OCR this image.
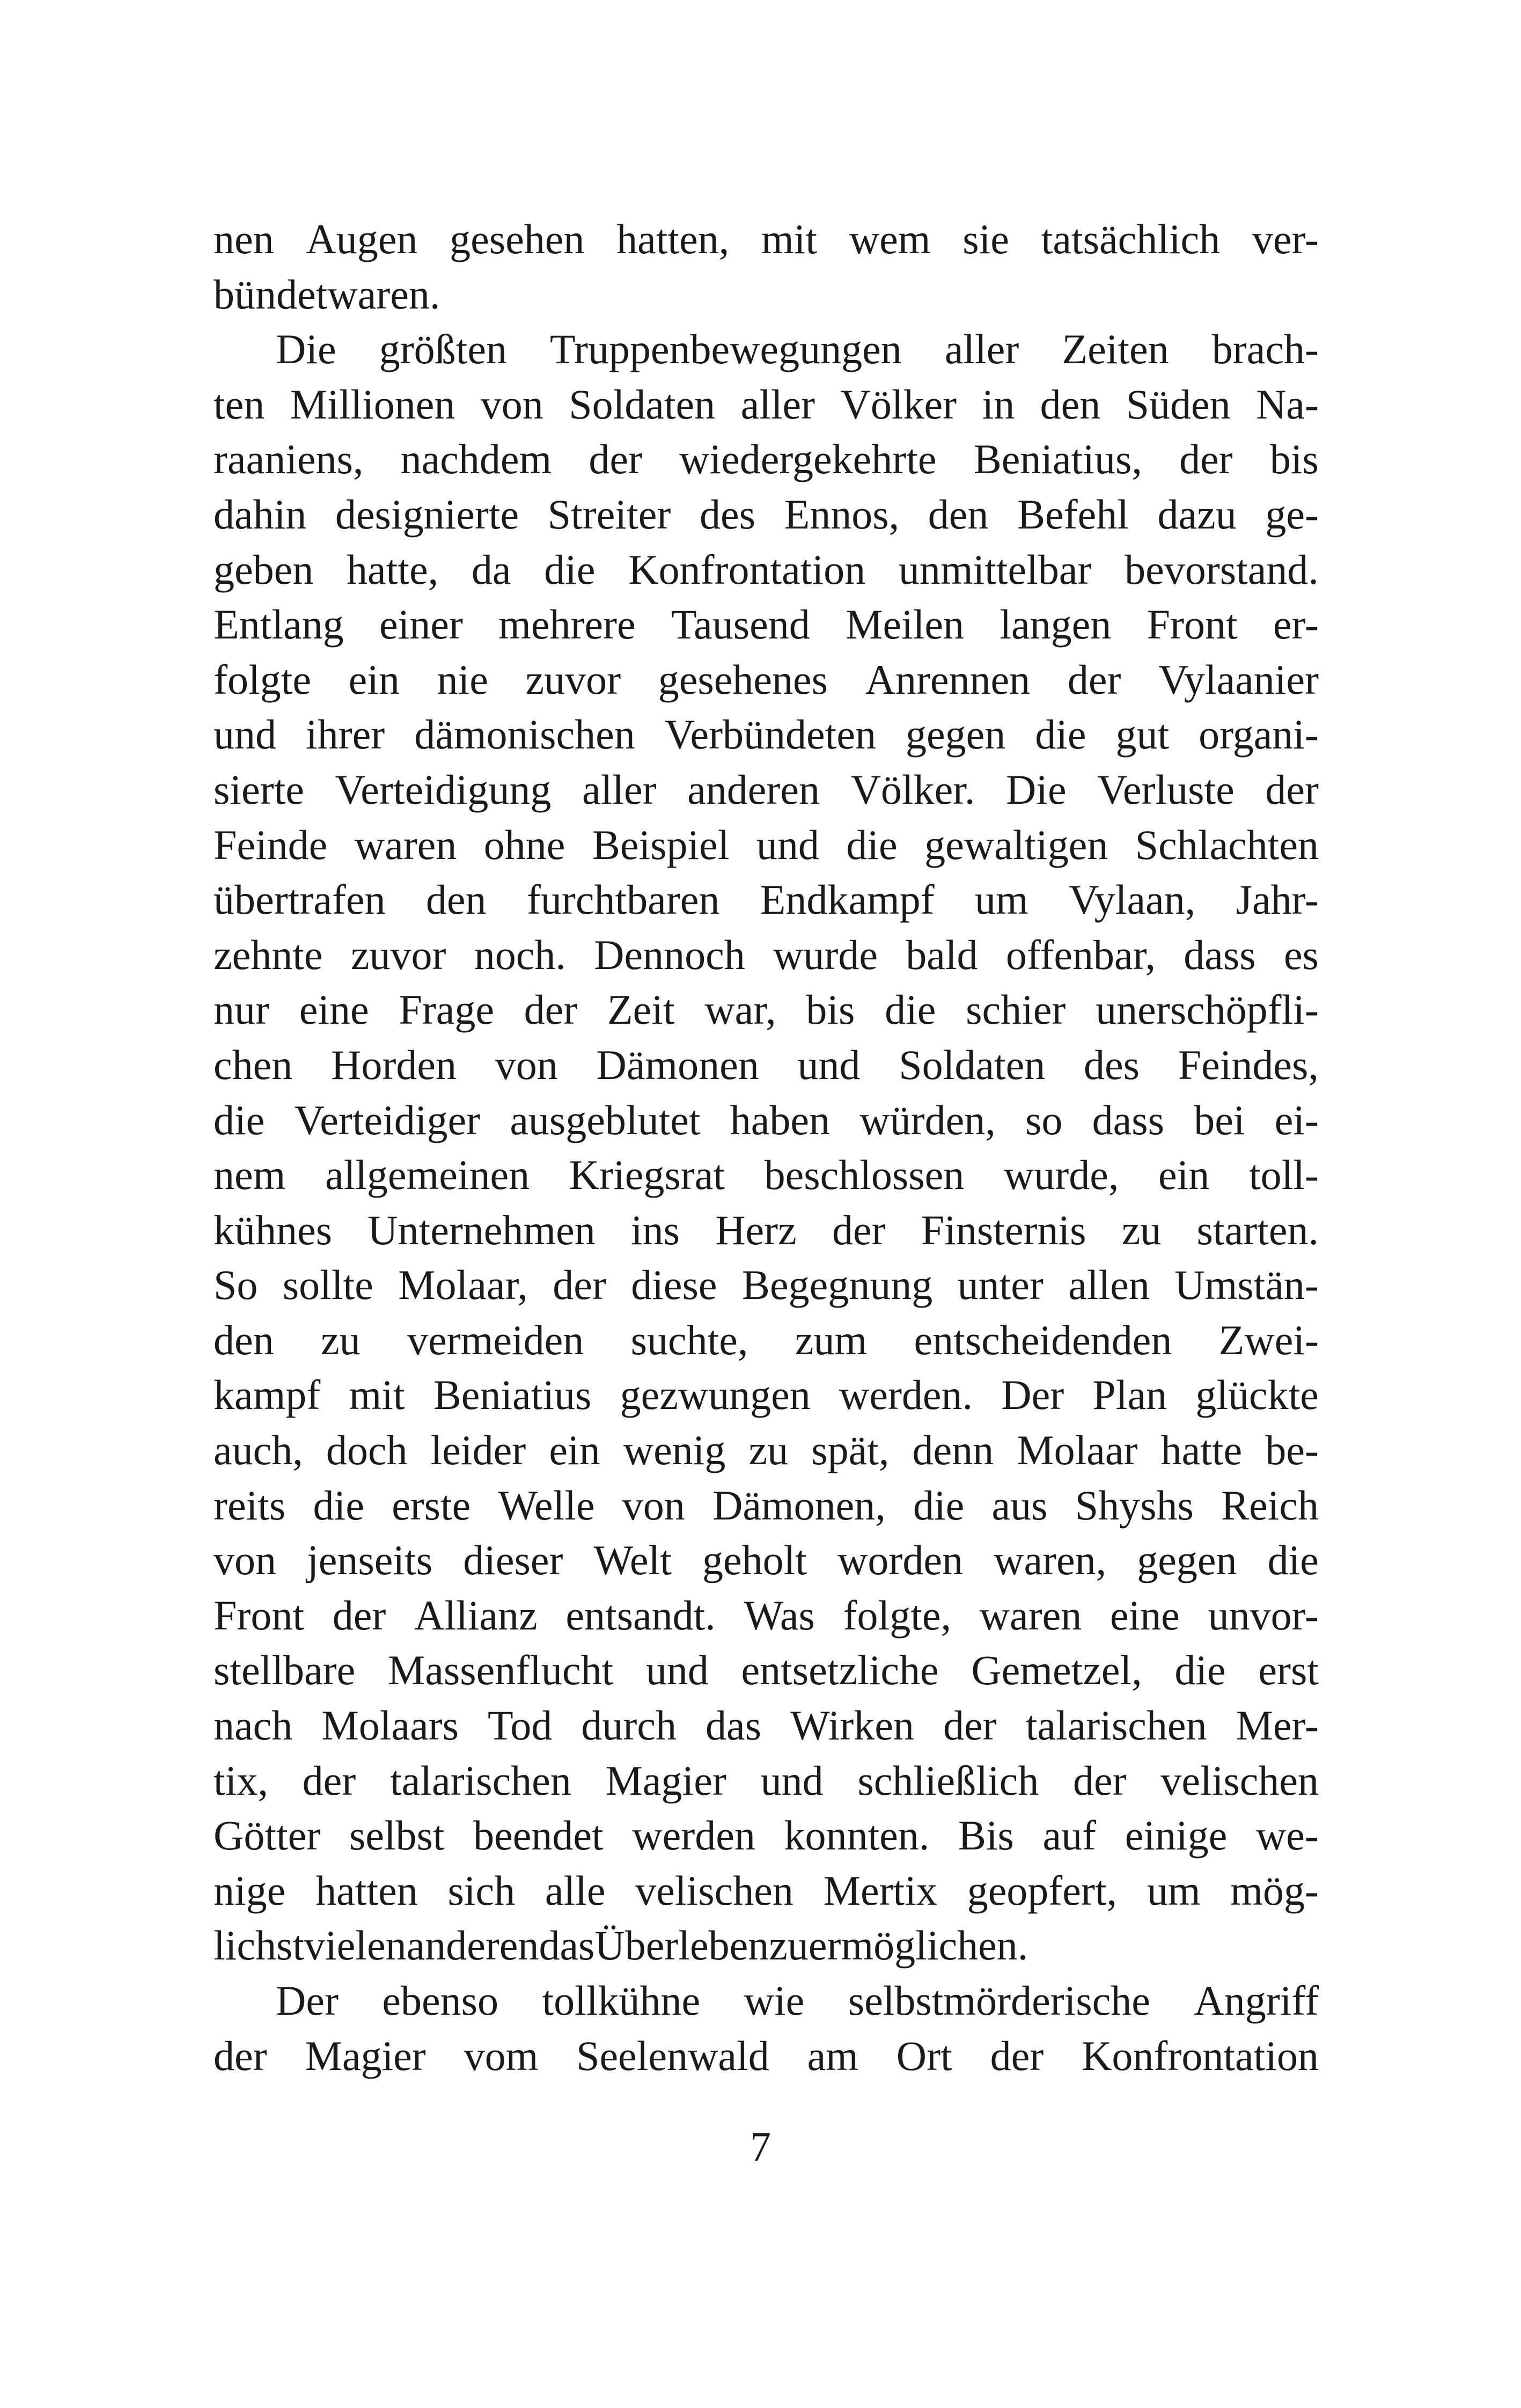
nen Augen gesehen hatten, mit wem sie tatsächlich ver-
bündet waren.
Die größten Truppenbewegungen aller Zeiten brach-
ten Millionen von Soldaten aller Völker in den Süden Na-
raaniens, nachdem der wiedergekehrte Beniatius, der bis
dahin designierte Streiter des Ennos, den Befehl dazu ge-
geben hatte, da die Konfrontation unmittelbar bevorstand.
Entlang einer mehrere Tausend Meilen langen Front er-
folgte ein nie zuvor gesehenes Anrennen der Vylaanier
und ihrer dämonischen Verbündeten gegen die gut organi-
sierte Verteidigung aller anderen Völker. Die Verluste der
Feinde waren ohne Beispiel und die gewaltigen Schlachten
übertrafen den furchtbaren Endkampf um Vylaan, Jahr-
zehnte zuvor noch. Dennoch wurde bald offenbar, dass es
nur eine Frage der Zeit war, bis die schier unerschöpfli-
chen Horden von Dämonen und Soldaten des Feindes,
die Verteidiger ausgeblutet haben würden, so dass bei ei-
nem allgemeinen Kriegsrat beschlossen wurde, ein toll-
kühnes Unternehmen ins Herz der Finsternis zu starten.
So sollte Molaar, der diese Begegnung unter allen Umstän-
den zu vermeiden suchte, zum entscheidenden Zwei-
kampf mit Beniatius gezwungen werden. Der Plan glückte
auch, doch leider ein wenig zu spät, denn Molaar hatte be-
reits die erste Welle von Dämonen, die aus Shyshs Reich
von jenseits dieser Welt geholt worden waren, gegen die
Front der Allianz entsandt. Was folgte, waren eine unvor-
stellbare Massenflucht und entsetzliche Gemetzel, die erst
nach Molaars Tod durch das Wirken der talarischen Mer-
tix, der talarischen Magier und schließlich der velischen
Götter selbst beendet werden konnten. Bis auf einige we-
nige hatten sich alle velischen Mertix geopfert, um mög-
lichst vielen anderen das Überleben zu ermöglichen.
Der ebenso tollkühne wie selbstmörderische Angriff
der Magier vom Seelenwald am Ort der Konfrontation
7
